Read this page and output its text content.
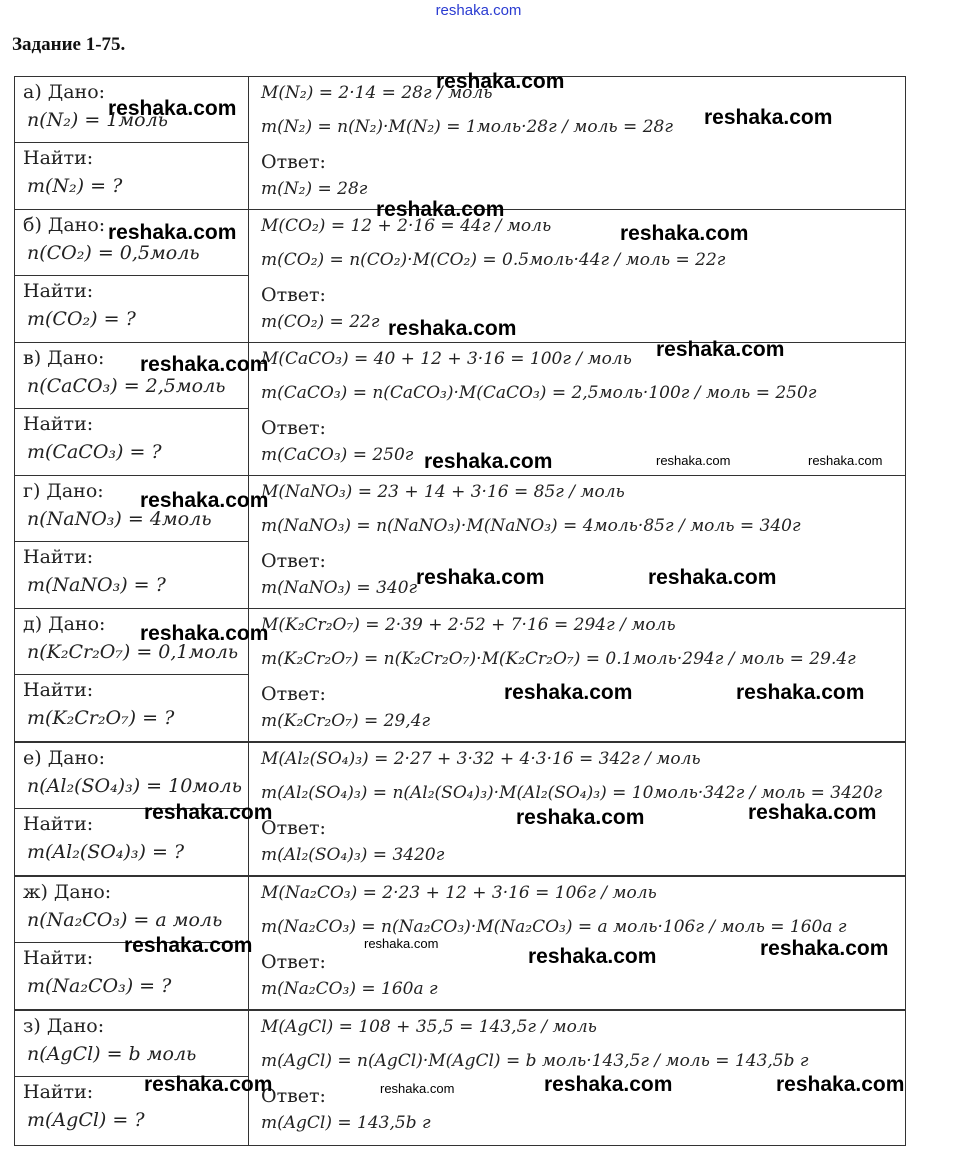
reshaka.com
Задание 1-75.
а) Дано:
n(N₂) = 1моль
Найти:
m(N₂) = ?
M(N₂) = 2·14 = 28г / моль
m(N₂) = n(N₂)·M(N₂) = 1моль·28г / моль = 28г
Ответ:
m(N₂) = 28г
б) Дано:
n(CO₂) = 0,5моль
Найти:
m(CO₂) = ?
M(CO₂) = 12 + 2·16 = 44г / моль
m(CO₂) = n(CO₂)·M(CO₂) = 0.5моль·44г / моль = 22г
Ответ:
m(CO₂) = 22г
в) Дано:
n(CaCO₃) = 2,5моль
Найти:
m(CaCO₃) = ?
M(CaCO₃) = 40 + 12 + 3·16 = 100г / моль
m(CaCO₃) = n(CaCO₃)·M(CaCO₃) = 2,5моль·100г / моль = 250г
Ответ:
m(CaCO₃) = 250г
г) Дано:
n(NaNO₃) = 4моль
Найти:
m(NaNO₃) = ?
M(NaNO₃) = 23 + 14 + 3·16 = 85г / моль
m(NaNO₃) = n(NaNO₃)·M(NaNO₃) = 4моль·85г / моль = 340г
Ответ:
m(NaNO₃) = 340г
д) Дано:
n(K₂Cr₂O₇) = 0,1моль
Найти:
m(K₂Cr₂O₇) = ?
M(K₂Cr₂O₇) = 2·39 + 2·52 + 7·16 = 294г / моль
m(K₂Cr₂O₇) = n(K₂Cr₂O₇)·M(K₂Cr₂O₇) = 0.1моль·294г / моль = 29.4г
Ответ:
m(K₂Cr₂O₇) = 29,4г
е) Дано:
n(Al₂(SO₄)₃) = 10моль
Найти:
m(Al₂(SO₄)₃) = ?
M(Al₂(SO₄)₃) = 2·27 + 3·32 + 4·3·16 = 342г / моль
m(Al₂(SO₄)₃) = n(Al₂(SO₄)₃)·M(Al₂(SO₄)₃) = 10моль·342г / моль = 3420г
Ответ:
m(Al₂(SO₄)₃) = 3420г
ж) Дано:
n(Na₂CO₃) = a моль
Найти:
m(Na₂CO₃) = ?
M(Na₂CO₃) = 2·23 + 12 + 3·16 = 106г / моль
m(Na₂CO₃) = n(Na₂CO₃)·M(Na₂CO₃) = a моль·106г / моль = 160a г
Ответ:
m(Na₂CO₃) = 160a г
з) Дано:
n(AgCl) = b моль
Найти:
m(AgCl) = ?
M(AgCl) = 108 + 35,5 = 143,5г / моль
m(AgCl) = n(AgCl)·M(AgCl) = b моль·143,5г / моль = 143,5b г
Ответ:
m(AgCl) = 143,5b г
reshaka.com
reshaka.com	reshaka.com
reshaka.com
reshaka.com
reshaka.com
reshaka.com
reshaka.com
reshaka.com
reshaka.com	reshaka.com	reshaka.com
reshaka.com
reshaka.com	reshaka.com
reshaka.com
reshaka.com	reshaka.com
reshaka.com	reshaka.com	reshaka.com
reshaka.com	reshaka.com
reshaka.com	reshaka.com
reshaka.com	reshaka.com	reshaka.com	reshaka.com
